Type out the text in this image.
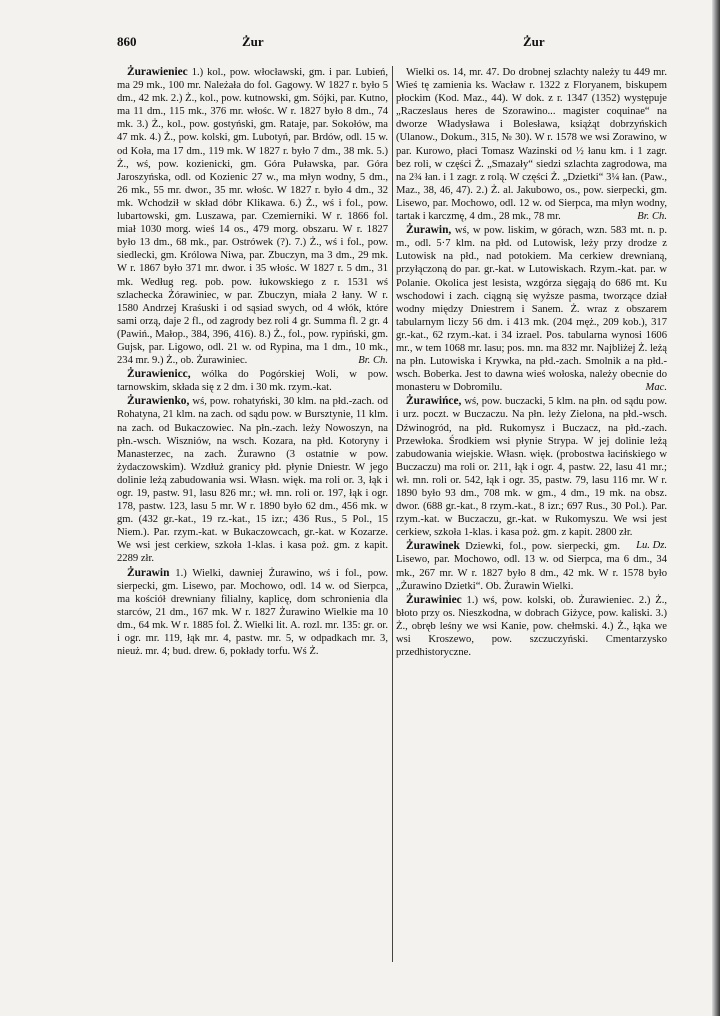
860	Żur	Żur

Żurawieniec 1.) kol., pow. włocławski, gm. i par. Lubień, ma 29 mk., 100 mr. Należała do fol. Gagowy. W 1827 r. było 5 dm., 42 mk. 2.) Ż., kol., pow. kutnowski, gm. Sójki, par. Kutno, ma 11 dm., 115 mk., 376 mr. włośc. W r. 1827 było 8 dm., 74 mk. 3.) Ż., kol., pow. gostyński, gm. Rataje, par. Sokołów, ma 47 mk. 4.) Ż., pow. kolski, gm. Lubotyń, par. Brdów, odl. 15 w. od Koła, ma 17 dm., 119 mk. W 1827 r. było 7 dm., 38 mk. 5.) Ż., wś, pow. kozienicki, gm. Góra Puławska, par. Góra Jaroszyńska, odl. od Kozienic 27 w., ma młyn wodny, 5 dm., 26 mk., 55 mr. dwor., 35 mr. włośc. W 1827 r. było 4 dm., 32 mk. Wchodził w skład dóbr Klikawa. 6.) Ż., wś i fol., pow. lubartowski, gm. Luszawa, par. Czemierniki. W r. 1866 fol. miał 1030 morg. wieś 14 os., 479 morg. obszaru. W r. 1827 było 13 dm., 68 mk., par. Ostrówek (?). 7.) Ż., wś i fol., pow. siedlecki, gm. Królowa Niwa, par. Zbuczyn, ma 3 dm., 29 mk. W r. 1867 było 371 mr. dwor. i 35 włośc. W 1827 r. 5 dm., 31 mk. Według reg. pob. pow. łukowskiego z r. 1531 wś szlachecka Żórawiniec, w par. Zbuczyn, miała 2 łany. W r. 1580 Andrzej Kraśuski i od sąsiad swych, od 4 włók, które sami orzą, daje 2 fl., od zagrody bez roli 4 gr. Summa fl. 2 gr. 4 (Pawiń., Małop., 384, 396, 416). 8.) Ż., fol., pow. rypiński, gm. Gujsk, par. Ligowo, odl. 21 w. od Rypina, ma 1 dm., 10 mk., 234 mr. 9.) Ż., ob. Żurawiniec.	Br. Ch.

Żurawienicc, wólka do Pogórskiej Woli, w pow. tarnowskim, składa się z 2 dm. i 30 mk. rzym.-kat.

Żurawienko, wś, pow. rohatyński, 30 klm. na płd.-zach. od Rohatyna, 21 klm. na zach. od sądu pow. w Bursztynie, 11 klm. na zach. od Bukaczowiec. Na płn.-zach. leży Nowoszyn, na płn.-wsch. Wiszniów, na wsch. Kozara, na płd. Kotoryny i Manasterzec, na zach. Żurawno (3 ostatnie w pow. żydaczowskim). Wzdłuż granicy płd. płynie Dniestr. W jego dolinie leżą zabudowania wsi. Własn. więk. ma roli or. 3, łąk i ogr. 19, pastw. 91, lasu 826 mr.; wł. mn. roli or. 197, łąk i ogr. 178, pastw. 123, lasu 5 mr. W r. 1890 było 62 dm., 456 mk. w gm. (432 gr.-kat., 19 rz.-kat., 15 izr.; 436 Rus., 5 Pol., 15 Niem.). Par. rzym.-kat. w Bukaczowcach, gr.-kat. w Kozarze. We wsi jest cerkiew, szkoła 1-klas. i kasa poż. gm. z kapit. 2289 złr.

Żurawin 1.) Wielki, dawniej Żurawino, wś i fol., pow. sierpecki, gm. Lisewo, par. Mochowo, odl. 14 w. od Sierpca, ma kościół drewniany filialny, kaplicę, dom schronienia dla starców, 21 dm., 167 mk. W r. 1827 Żurawino Wielkie ma 10 dm., 64 mk. W r. 1885 fol. Ż. Wielki lit. A. rozl. mr. 135: gr. or. i ogr. mr. 119, łąk mr. 4, pastw. mr. 5, w odpadkach mr. 3, nieuż. mr. 4; bud. drew. 6, pokłady torfu. Wś Ż.

Wielki os. 14, mr. 47. Do drobnej szlachty należy tu 449 mr. Wieś tę zamienia ks. Wacław r. 1322 z Floryanem, biskupem płockim (Kod. Maz., 44). W dok. z r. 1347 (1352) występuje „Raczeslaus heres de Szorawino... magister coquinae“ na dworze Władysława i Bolesława, książąt dobrzyńskich (Ulanow., Dokum., 315, № 30). W r. 1578 we wsi Zorawino, w par. Kurowo, płaci Tomasz Wazinski od ½ łanu km. i 1 zagr. bez roli, w części Ż. „Smazały“ siedzi szlachta zagrodowa, ma na 2¾ łan. i 1 zagr. z rolą. W części Ż. „Dzietki“ 3¼ łan. (Paw., Maz., 38, 46, 47). 2.) Ż. al. Jakubowo, os., pow. sierpecki, gm. Lisewo, par. Mochowo, odl. 12 w. od Sierpca, ma młyn wodny, tartak i karczmę, 4 dm., 28 mk., 78 mr.	Br. Ch.

Żurawin, wś, w pow. liskim, w górach, wzn. 583 mt. n. p. m., odl. 5·7 klm. na płd. od Lutowisk, leży przy drodze z Lutowisk na płd., nad potokiem. Ma cerkiew drewnianą, przyłączoną do par. gr.-kat. w Lutowiskach. Rzym.-kat. par. w Polanie. Okolica jest lesista, wzgórza sięgają do 686 mt. Ku wschodowi i zach. ciągną się wyższe pasma, tworzące dział wodny między Dniestrem i Sanem. Ż. wraz z obszarem tabularnym liczy 56 dm. i 413 mk. (204 męż., 209 kob.), 317 gr.-kat., 62 rzym.-kat. i 34 izrael. Pos. tabularna wynosi 1606 mr., w tem 1068 mr. lasu; pos. mn. ma 832 mr. Najbliżej Ż. leżą na płn. Lutowiska i Krywka, na płd.-zach. Smolnik a na płd.-wsch. Boberka. Jest to dawna wieś wołoska, należy obecnie do monasteru w Dobromilu.	Mac.

Żurawińce, wś, pow. buczacki, 5 klm. na płn. od sądu pow. i urz. poczt. w Buczaczu. Na płn. leży Zielona, na płd.-wsch. Dźwinogród, na płd. Rukomysz i Buczacz, na płd.-zach. Przewłoka. Środkiem wsi płynie Strypa. W jej dolinie leżą zabudowania wiejskie. Własn. więk. (probostwa łacińskiego w Buczaczu) ma roli or. 211, łąk i ogr. 4, pastw. 22, lasu 41 mr.; wł. mn. roli or. 542, łąk i ogr. 35, pastw. 79, lasu 116 mr. W r. 1890 było 93 dm., 708 mk. w gm., 4 dm., 19 mk. na obsz. dwor. (688 gr.-kat., 8 rzym.-kat., 8 izr.; 697 Rus., 30 Pol.). Par. rzym.-kat. w Buczaczu, gr.-kat. w Rukomyszu. We wsi jest cerkiew, szkoła 1-klas. i kasa poż. gm. z kapit. 2800 złr.
Lu. Dz.

Żurawinek Dziewki, fol., pow. sierpecki, gm. Lisewo, par. Mochowo, odl. 13 w. od Sierpca, ma 6 dm., 34 mk., 267 mr. W r. 1827 było 8 dm., 42 mk. W r. 1578 było „Żurawino Dzietki“. Ob. Żurawin Wielki.

Żurawiniec 1.) wś, pow. kolski, ob. Żurawieniec. 2.) Ż., błoto przy os. Nieszkodna, w dobrach Giżyce, pow. kaliski. 3.) Ż., obręb leśny we wsi Kanie, pow. chełmski. 4.) Ż., łąka we wsi Kroszewo, pow. szczuczyński. Cmentarzysko przedhistoryczne.
